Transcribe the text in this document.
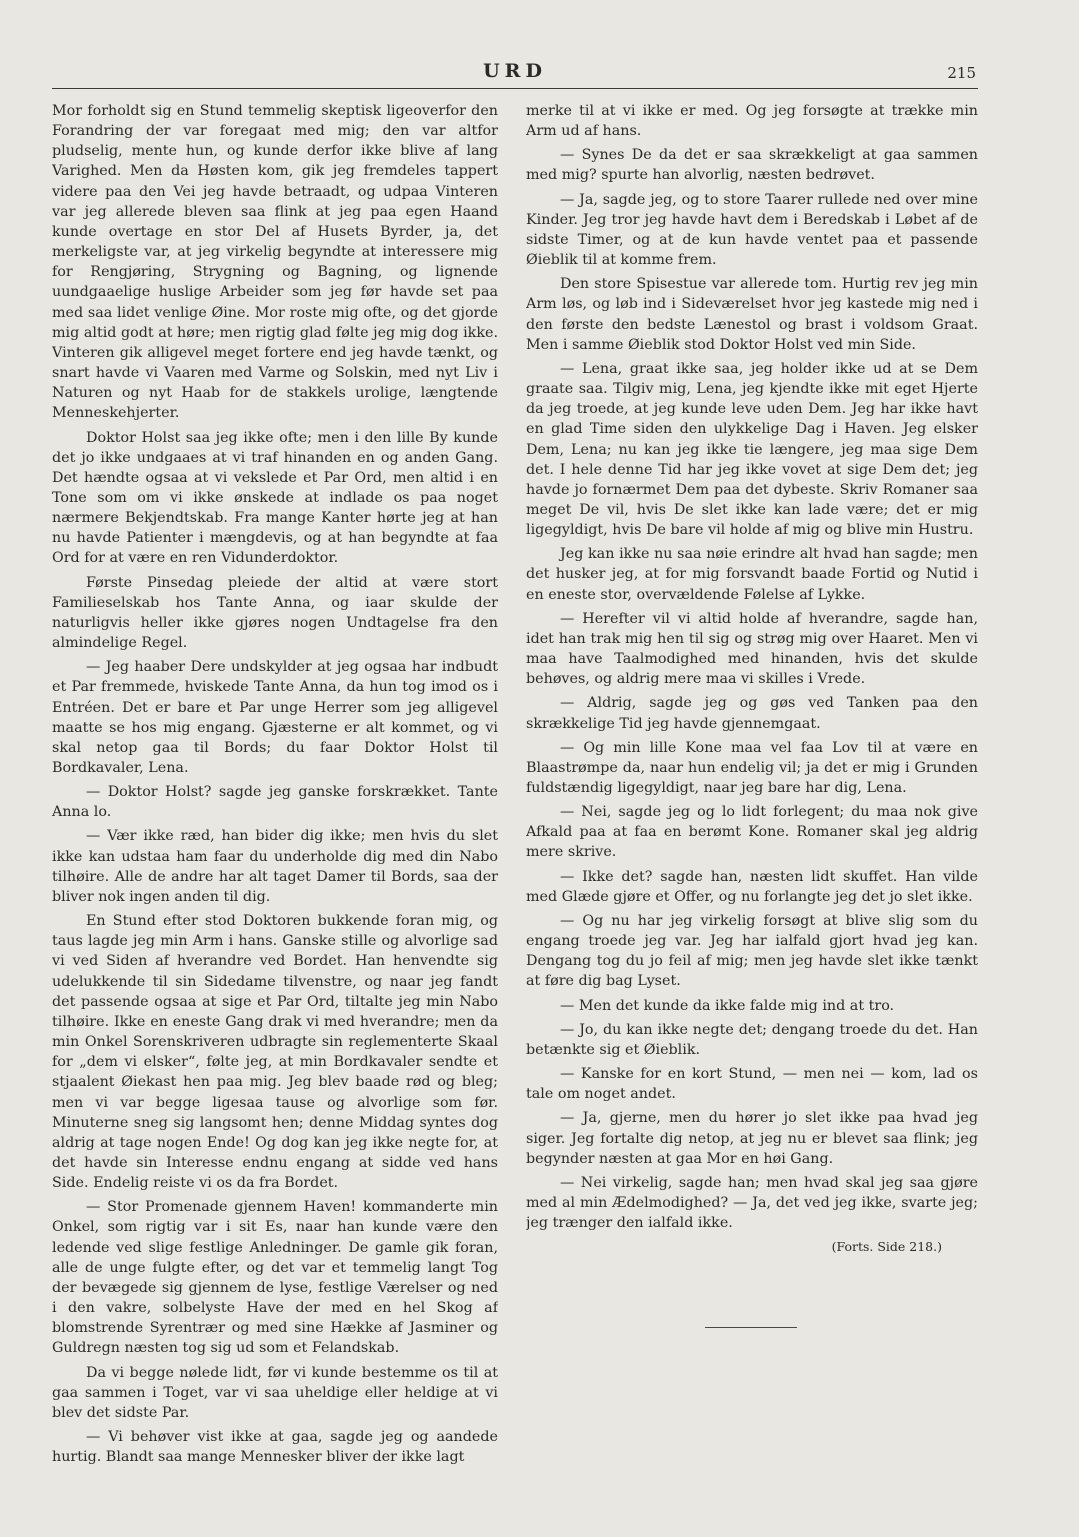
URD	215

Mor forholdt sig en Stund temmelig skeptisk ligeoverfor den Forandring der var foregaat med mig; den var altfor pludselig, mente hun, og kunde derfor ikke blive af lang Varighed. Men da Høsten kom, gik jeg fremdeles tappert videre paa den Vei jeg havde betraadt, og udpaa Vinteren var jeg allerede bleven saa flink at jeg paa egen Haand kunde overtage en stor Del af Husets Byrder, ja, det merkeligste var, at jeg virkelig begyndte at interessere mig for Rengjøring, Strygning og Bagning, og lignende uundgaaelige huslige Arbeider som jeg før havde set paa med saa lidet venlige Øine. Mor roste mig ofte, og det gjorde mig altid godt at høre; men rigtig glad følte jeg mig dog ikke. Vinteren gik alligevel meget fortere end jeg havde tænkt, og snart havde vi Vaaren med Varme og Solskin, med nyt Liv i Naturen og nyt Haab for de stakkels urolige, længtende Menneskehjerter.

Doktor Holst saa jeg ikke ofte; men i den lille By kunde det jo ikke undgaaes at vi traf hinanden en og anden Gang. Det hændte ogsaa at vi vekslede et Par Ord, men altid i en Tone som om vi ikke ønskede at indlade os paa noget nærmere Bekjendtskab. Fra mange Kanter hørte jeg at han nu havde Patienter i mængdevis, og at han begyndte at faa Ord for at være en ren Vidunderdoktor.

Første Pinsedag pleiede der altid at være stort Familieselskab hos Tante Anna, og iaar skulde der naturligvis heller ikke gjøres nogen Undtagelse fra den almindelige Regel.

— Jeg haaber Dere undskylder at jeg ogsaa har indbudt et Par fremmede, hviskede Tante Anna, da hun tog imod os i Entréen. Det er bare et Par unge Herrer som jeg alligevel maatte se hos mig engang. Gjæsterne er alt kommet, og vi skal netop gaa til Bords; du faar Doktor Holst til Bordkavaler, Lena.

— Doktor Holst? sagde jeg ganske forskrækket. Tante Anna lo.

— Vær ikke ræd, han bider dig ikke; men hvis du slet ikke kan udstaa ham faar du underholde dig med din Nabo tilhøire. Alle de andre har alt taget Damer til Bords, saa der bliver nok ingen anden til dig.

En Stund efter stod Doktoren bukkende foran mig, og taus lagde jeg min Arm i hans. Ganske stille og alvorlige sad vi ved Siden af hverandre ved Bordet. Han henvendte sig udelukkende til sin Sidedame tilvenstre, og naar jeg fandt det passende ogsaa at sige et Par Ord, tiltalte jeg min Nabo tilhøire. Ikke en eneste Gang drak vi med hverandre; men da min Onkel Sorenskriveren udbragte sin reglementerte Skaal for „dem vi elsker“, følte jeg, at min Bordkavaler sendte et stjaalent Øiekast hen paa mig. Jeg blev baade rød og bleg; men vi var begge ligesaa tause og alvorlige som før. Minuterne sneg sig langsomt hen; denne Middag syntes dog aldrig at tage nogen Ende! Og dog kan jeg ikke negte for, at det havde sin Interesse endnu engang at sidde ved hans Side. Endelig reiste vi os da fra Bordet.

— Stor Promenade gjennem Haven! kommanderte min Onkel, som rigtig var i sit Es, naar han kunde være den ledende ved slige festlige Anledninger. De gamle gik foran, alle de unge fulgte efter, og det var et temmelig langt Tog der bevægede sig gjennem de lyse, festlige Værelser og ned i den vakre, solbelyste Have der med en hel Skog af blomstrende Syrentrær og med sine Hække af Jasminer og Guldregn næsten tog sig ud som et Felandskab.

Da vi begge nølede lidt, før vi kunde bestemme os til at gaa sammen i Toget, var vi saa uheldige eller heldige at vi blev det sidste Par.

— Vi behøver vist ikke at gaa, sagde jeg og aandede hurtig. Blandt saa mange Mennesker bliver der ikke lagt

merke til at vi ikke er med. Og jeg forsøgte at trække min Arm ud af hans.

— Synes De da det er saa skrækkeligt at gaa sammen med mig? spurte han alvorlig, næsten bedrøvet.

— Ja, sagde jeg, og to store Taarer rullede ned over mine Kinder. Jeg tror jeg havde havt dem i Beredskab i Løbet af de sidste Timer, og at de kun havde ventet paa et passende Øieblik til at komme frem.

Den store Spisestue var allerede tom. Hurtig rev jeg min Arm løs, og løb ind i Sideværelset hvor jeg kastede mig ned i den første den bedste Lænestol og brast i voldsom Graat. Men i samme Øieblik stod Doktor Holst ved min Side.

— Lena, graat ikke saa, jeg holder ikke ud at se Dem graate saa. Tilgiv mig, Lena, jeg kjendte ikke mit eget Hjerte da jeg troede, at jeg kunde leve uden Dem. Jeg har ikke havt en glad Time siden den ulykkelige Dag i Haven. Jeg elsker Dem, Lena; nu kan jeg ikke tie længere, jeg maa sige Dem det. I hele denne Tid har jeg ikke vovet at sige Dem det; jeg havde jo fornærmet Dem paa det dybeste. Skriv Romaner saa meget De vil, hvis De slet ikke kan lade være; det er mig ligegyldigt, hvis De bare vil holde af mig og blive min Hustru.

Jeg kan ikke nu saa nøie erindre alt hvad han sagde; men det husker jeg, at for mig forsvandt baade Fortid og Nutid i en eneste stor, overvældende Følelse af Lykke.

— Herefter vil vi altid holde af hverandre, sagde han, idet han trak mig hen til sig og strøg mig over Haaret. Men vi maa have Taalmodighed med hinanden, hvis det skulde behøves, og aldrig mere maa vi skilles i Vrede.

— Aldrig, sagde jeg og gøs ved Tanken paa den skrækkelige Tid jeg havde gjennemgaat.

— Og min lille Kone maa vel faa Lov til at være en Blaastrømpe da, naar hun endelig vil; ja det er mig i Grunden fuldstændig ligegyldigt, naar jeg bare har dig, Lena.

— Nei, sagde jeg og lo lidt forlegent; du maa nok give Afkald paa at faa en berømt Kone. Romaner skal jeg aldrig mere skrive.

— Ikke det? sagde han, næsten lidt skuffet. Han vilde med Glæde gjøre et Offer, og nu forlangte jeg det jo slet ikke.

— Og nu har jeg virkelig forsøgt at blive slig som du engang troede jeg var. Jeg har ialfald gjort hvad jeg kan. Dengang tog du jo feil af mig; men jeg havde slet ikke tænkt at føre dig bag Lyset.

— Men det kunde da ikke falde mig ind at tro.

— Jo, du kan ikke negte det; dengang troede du det. Han betænkte sig et Øieblik.

— Kanske for en kort Stund, — men nei — kom, lad os tale om noget andet.

— Ja, gjerne, men du hører jo slet ikke paa hvad jeg siger. Jeg fortalte dig netop, at jeg nu er blevet saa flink; jeg begynder næsten at gaa Mor en høi Gang.

— Nei virkelig, sagde han; men hvad skal jeg saa gjøre med al min Ædelmodighed? — Ja, det ved jeg ikke, svarte jeg; jeg trænger den ialfald ikke.

(Forts. Side 218.)
